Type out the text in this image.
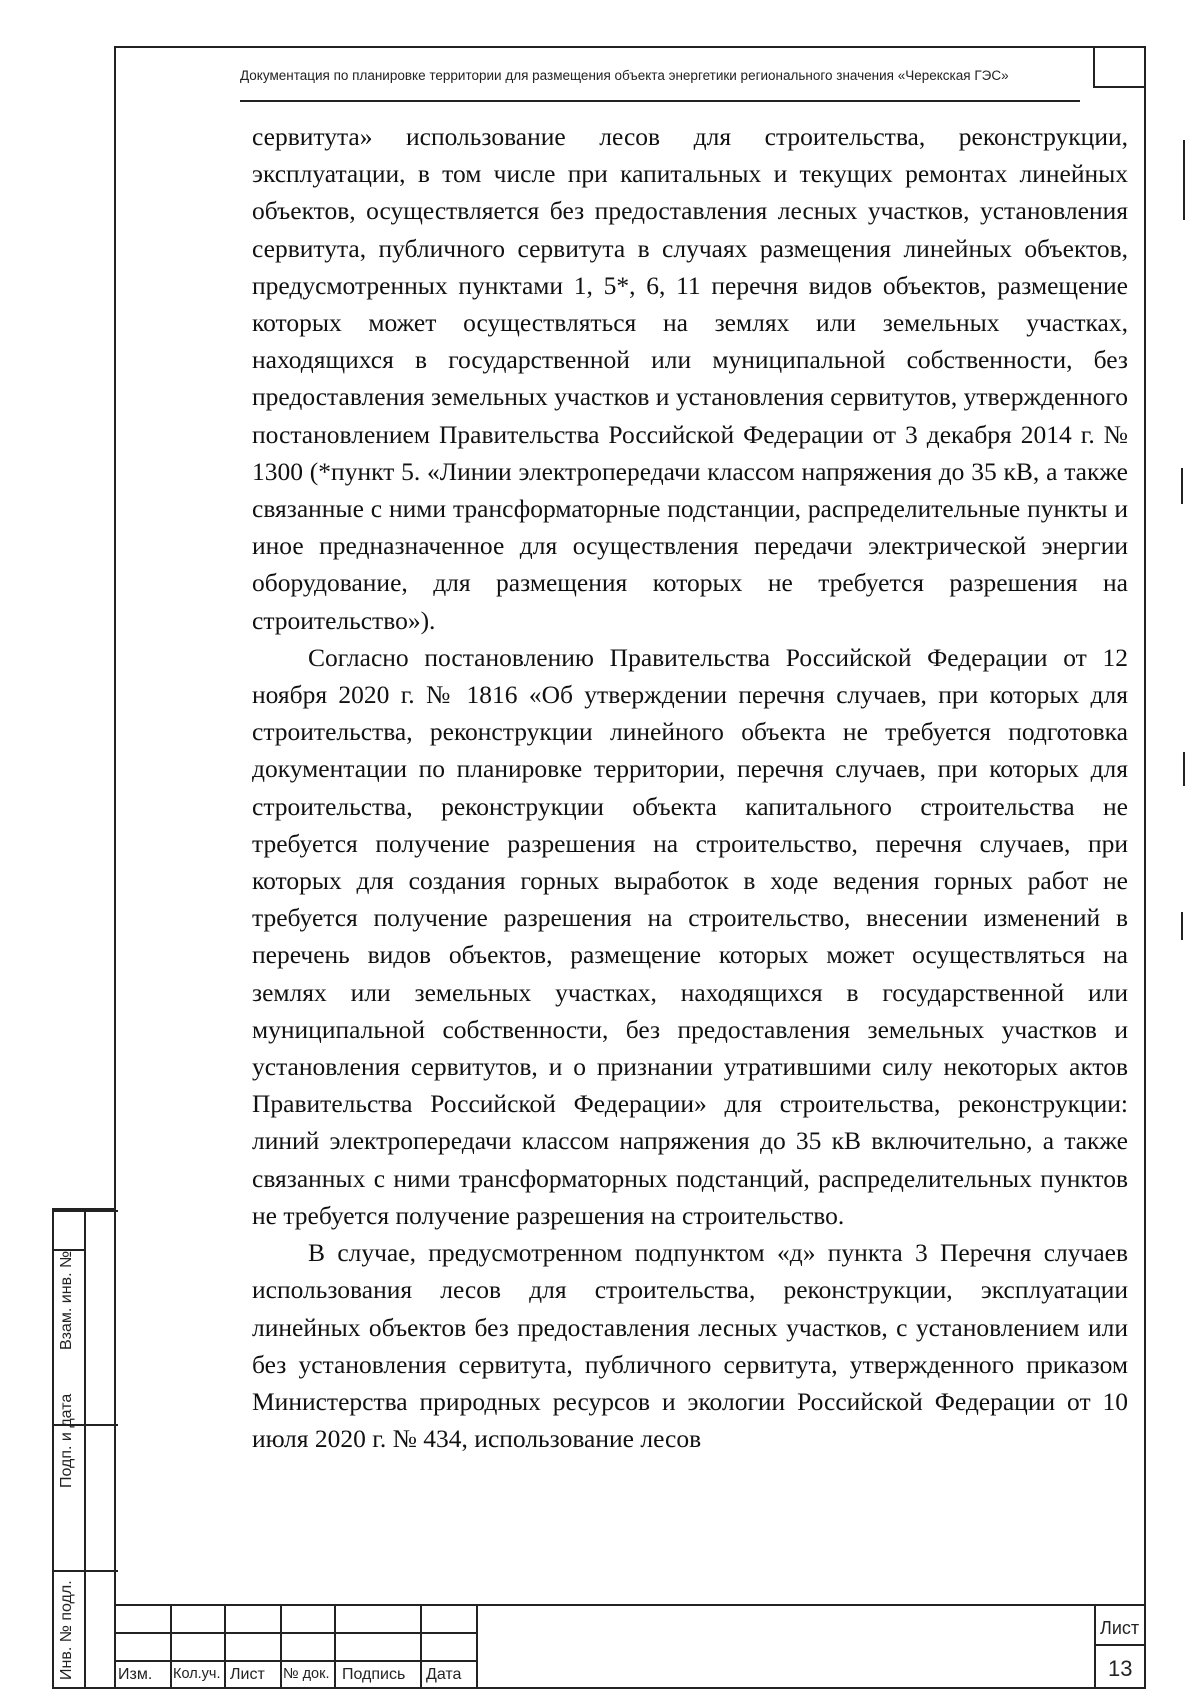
Документация по планировке территории для размещения объекта энергетики регионального значения «Черекская ГЭС»

сервитута» использование лесов для строительства, реконструкции, эксплуатации, в том числе при капитальных и текущих ремонтах линейных объектов, осуществляется без предоставления лесных участков, установления сервитута, публичного сервитута в случаях размещения линейных объектов, предусмотренных пунктами 1, 5*, 6, 11 перечня видов объектов, размещение которых может осуществляться на землях или земельных участках, находящихся в государственной или муниципальной собственности, без предоставления земельных участков и установления сервитутов, утвержденного постановлением Правительства Российской Федерации от 3 декабря 2014 г. № 1300 (*пункт 5. «Линии электропередачи классом напряжения до 35 кВ, а также связанные с ними трансформаторные подстанции, распределительные пункты и иное предназначенное для осуществления передачи электрической энергии оборудование, для размещения которых не требуется разрешения на строительство»).

Согласно постановлению Правительства Российской Федерации от 12 ноября 2020 г. № 1816 «Об утверждении перечня случаев, при которых для строительства, реконструкции линейного объекта не требуется подготовка документации по планировке территории, перечня случаев, при которых для строительства, реконструкции объекта капитального строительства не требуется получение разрешения на строительство, перечня случаев, при которых для создания горных выработок в ходе ведения горных работ не требуется получение разрешения на строительство, внесении изменений в перечень видов объектов, размещение которых может осуществляться на землях или земельных участках, находящихся в государственной или муниципальной собственности, без предоставления земельных участков и установления сервитутов, и о признании утратившими силу некоторых актов Правительства Российской Федерации» для строительства, реконструкции: линий электропередачи классом напряжения до 35 кВ включительно, а также связанных с ними трансформаторных подстанций, распределительных пунктов не требуется получение разрешения на строительство.

В случае, предусмотренном подпунктом «д» пункта 3 Перечня случаев использования лесов для строительства, реконструкции, эксплуатации линейных объектов без предоставления лесных участков, с установлением или без установления сервитута, публичного сервитута, утвержденного приказом Министерства природных ресурсов и экологии Российской Федерации от 10 июля 2020 г. № 434, использование лесов

Взам. инв. №
Подп. и дата
Инв. № подл.	Изм. Кол.уч. Лист № док. Подпись Дата
Лист
13
